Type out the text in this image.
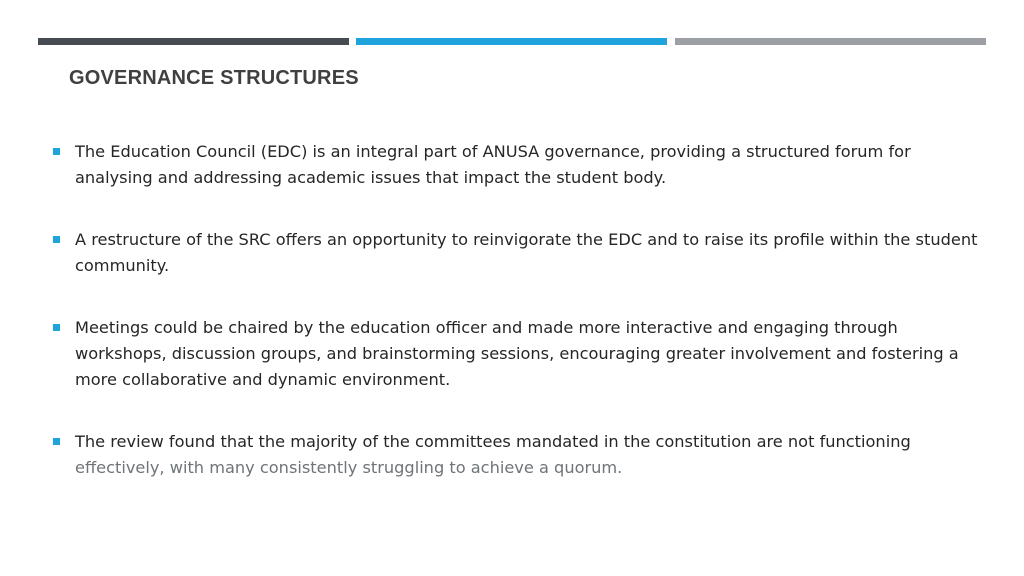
GOVERNANCE STRUCTURES
The Education Council (EDC) is an integral part of ANUSA governance, providing a structured forum for analysing and addressing academic issues that impact the student body.
A restructure of the SRC offers an opportunity to reinvigorate the EDC and to raise its profile within the student community.
Meetings could be chaired by the education officer and made more interactive and engaging through workshops, discussion groups, and brainstorming sessions, encouraging greater involvement and fostering a more collaborative and dynamic environment.
The review found that the majority of the committees mandated in the constitution are not functioning effectively, with many consistently struggling to achieve a quorum.
